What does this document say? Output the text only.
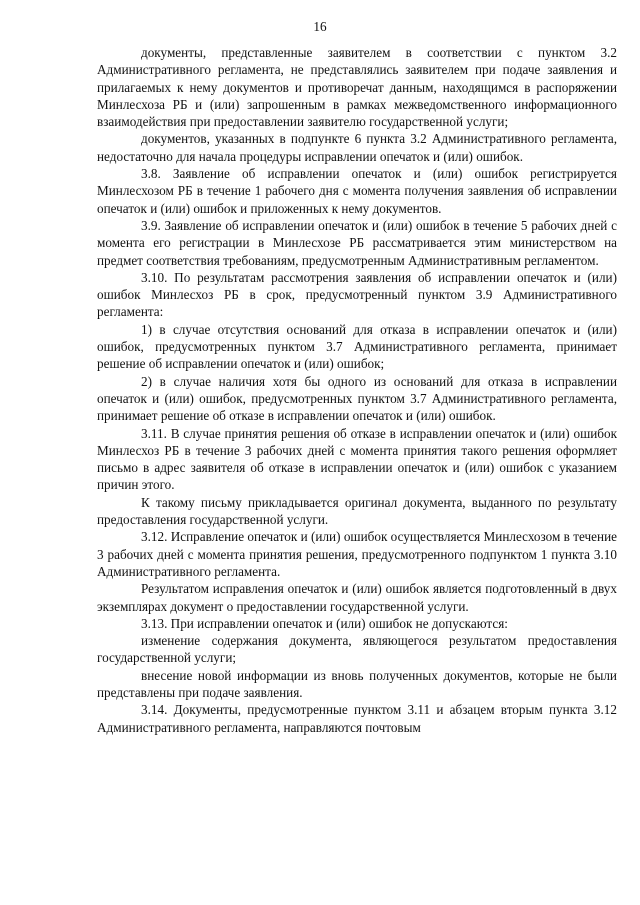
16

документы, представленные заявителем в соответствии с пунктом 3.2 Административного регламента, не представлялись заявителем при подаче заявления и прилагаемых к нему документов и противоречат данным, находящимся в распоряжении Минлесхоза РБ и (или) запрошенным в рамках межведомственного информационного взаимодействия при предоставлении заявителю государственной услуги;

документов, указанных в подпункте 6 пункта 3.2 Административного регламента, недостаточно для начала процедуры исправлении опечаток и (или) ошибок.

3.8. Заявление об исправлении опечаток и (или) ошибок регистрируется Минлесхозом РБ в течение 1 рабочего дня с момента получения заявления об исправлении опечаток и (или) ошибок и приложенных к нему документов.

3.9. Заявление об исправлении опечаток и (или) ошибок в течение 5 рабочих дней с момента его регистрации в Минлесхозе РБ рассматривается этим министерством на предмет соответствия требованиям, предусмотренным Административным регламентом.

3.10. По результатам рассмотрения заявления об исправлении опечаток и (или) ошибок Минлесхоз РБ в срок, предусмотренный пунктом 3.9 Административного регламента:

1) в случае отсутствия оснований для отказа в исправлении опечаток и (или) ошибок, предусмотренных пунктом 3.7 Административного регламента, принимает решение об исправлении опечаток и (или) ошибок;

2) в случае наличия хотя бы одного из оснований для отказа в исправлении опечаток и (или) ошибок, предусмотренных пунктом 3.7 Административного регламента, принимает решение об отказе в исправлении опечаток и (или) ошибок.

3.11. В случае принятия решения об отказе в исправлении опечаток и (или) ошибок Минлесхоз РБ в течение 3 рабочих дней с момента принятия такого решения оформляет письмо в адрес заявителя об отказе в исправлении опечаток и (или) ошибок с указанием причин этого.

К такому письму прикладывается оригинал документа, выданного по результату предоставления государственной услуги.

3.12. Исправление опечаток и (или) ошибок осуществляется Минлесхозом в течение 3 рабочих дней с момента принятия решения, предусмотренного подпунктом 1 пункта 3.10 Административного регламента.

Результатом исправления опечаток и (или) ошибок является подготовленный в двух экземплярах документ о предоставлении государственной услуги.

3.13. При исправлении опечаток и (или) ошибок не допускаются:

изменение содержания документа, являющегося результатом предоставления государственной услуги;

внесение новой информации из вновь полученных документов, которые не были представлены при подаче заявления.

3.14. Документы, предусмотренные пунктом 3.11 и абзацем вторым пункта 3.12 Административного регламента, направляются почтовым
